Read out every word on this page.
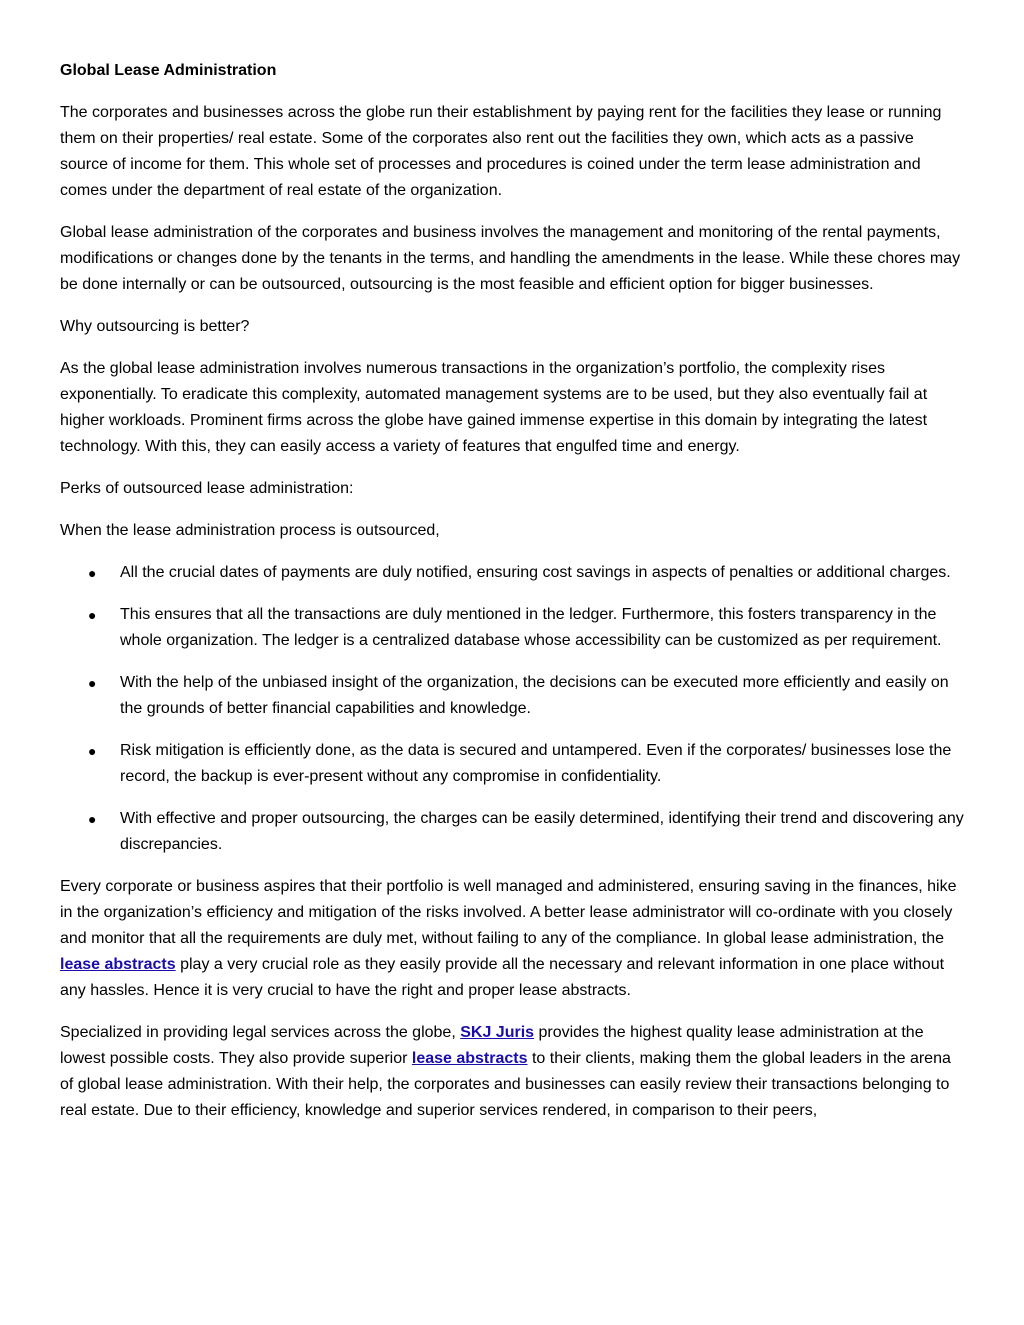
Global Lease Administration

The corporates and businesses across the globe run their establishment by paying rent for the facilities they lease or running them on their properties/ real estate. Some of the corporates also rent out the facilities they own, which acts as a passive source of income for them. This whole set of processes and procedures is coined under the term lease administration and comes under the department of real estate of the organization.

Global lease administration of the corporates and business involves the management and monitoring of the rental payments, modifications or changes done by the tenants in the terms, and handling the amendments in the lease. While these chores may be done internally or can be outsourced, outsourcing is the most feasible and efficient option for bigger businesses.

Why outsourcing is better?

As the global lease administration involves numerous transactions in the organization’s portfolio, the complexity rises exponentially. To eradicate this complexity, automated management systems are to be used, but they also eventually fail at higher workloads. Prominent firms across the globe have gained immense expertise in this domain by integrating the latest technology. With this, they can easily access a variety of features that engulfed time and energy.

Perks of outsourced lease administration:

When the lease administration process is outsourced,

● All the crucial dates of payments are duly notified, ensuring cost savings in aspects of penalties or additional charges.
● This ensures that all the transactions are duly mentioned in the ledger. Furthermore, this fosters transparency in the whole organization. The ledger is a centralized database whose accessibility can be customized as per requirement.
● With the help of the unbiased insight of the organization, the decisions can be executed more efficiently and easily on the grounds of better financial capabilities and knowledge.
● Risk mitigation is efficiently done, as the data is secured and untampered. Even if the corporates/ businesses lose the record, the backup is ever-present without any compromise in confidentiality.
● With effective and proper outsourcing, the charges can be easily determined, identifying their trend and discovering any discrepancies.

Every corporate or business aspires that their portfolio is well managed and administered, ensuring saving in the finances, hike in the organization’s efficiency and mitigation of the risks involved. A better lease administrator will co-ordinate with you closely and monitor that all the requirements are duly met, without failing to any of the compliance. In global lease administration, the lease abstracts play a very crucial role as they easily provide all the necessary and relevant information in one place without any hassles. Hence it is very crucial to have the right and proper lease abstracts.

Specialized in providing legal services across the globe, SKJ Juris provides the highest quality lease administration at the lowest possible costs. They also provide superior lease abstracts to their clients, making them the global leaders in the arena of global lease administration. With their help, the corporates and businesses can easily review their transactions belonging to real estate. Due to their efficiency, knowledge and superior services rendered, in comparison to their peers,
